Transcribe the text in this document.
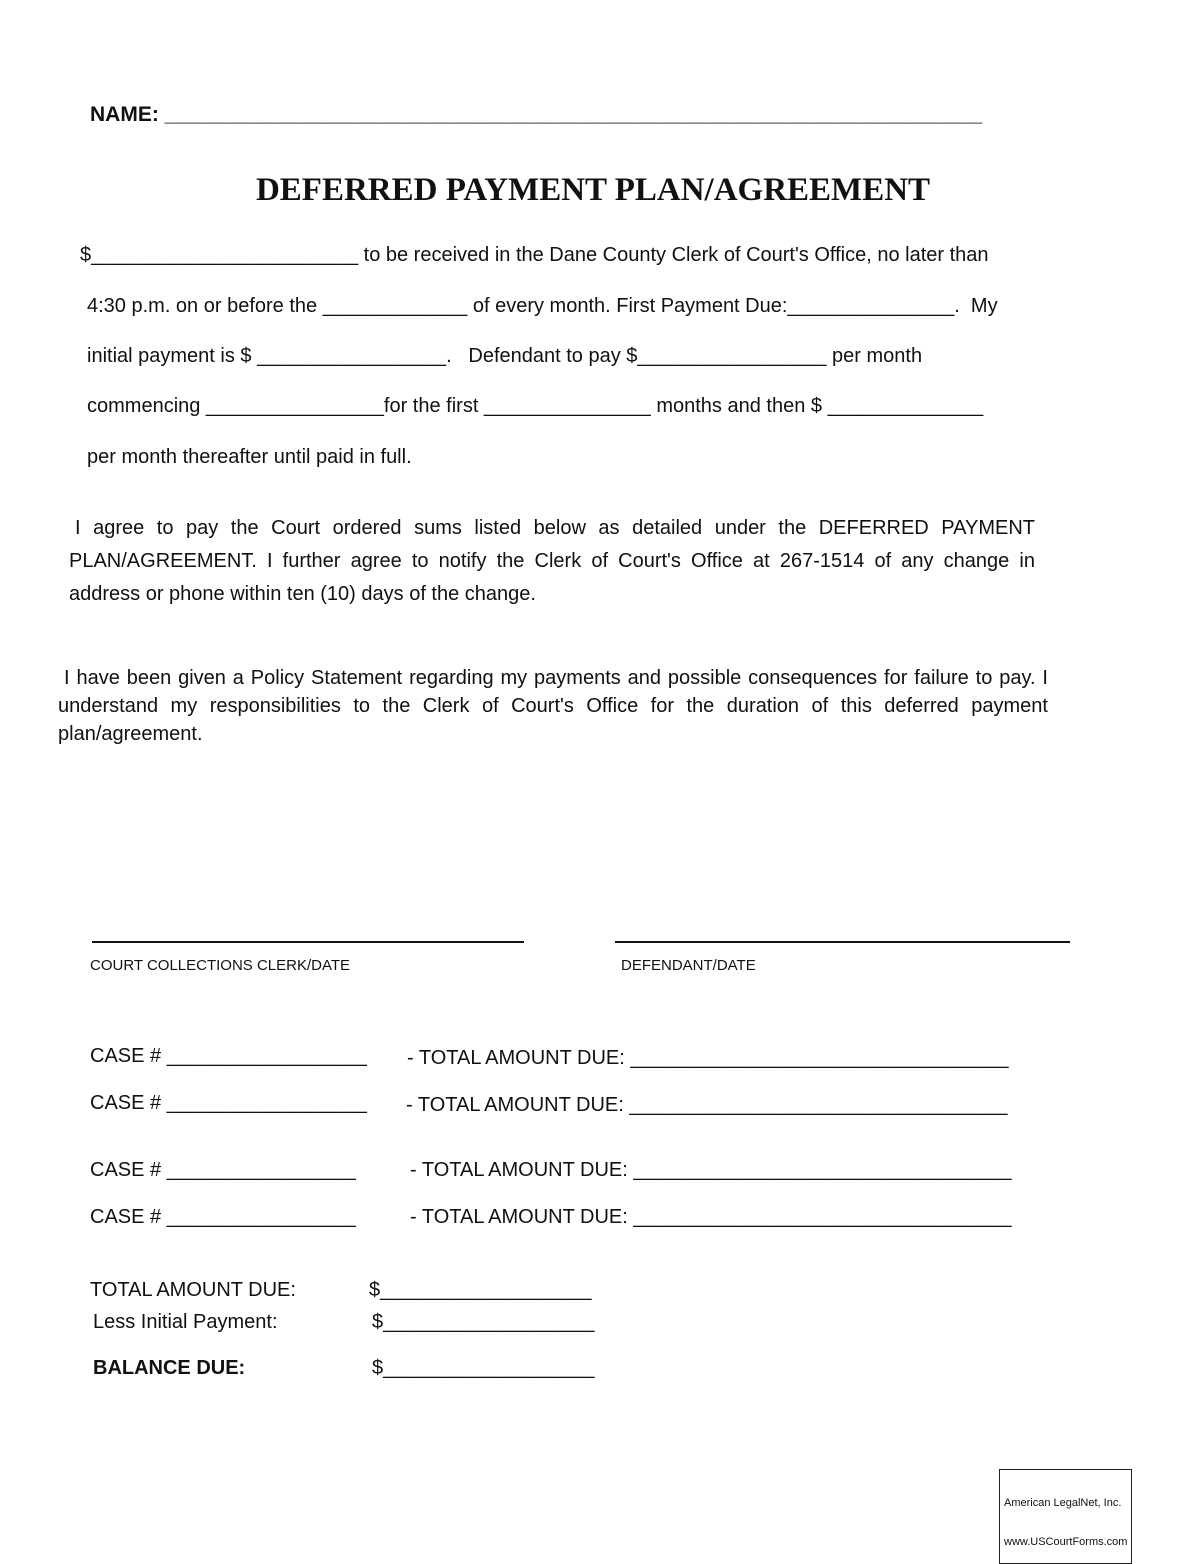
NAME: ______________________________________________________________________
DEFERRED PAYMENT PLAN/AGREEMENT
$________________________ to be received in the Dane County Clerk of Court's Office, no later than
4:30 p.m. on or before the _____________ of every month. First Payment Due:_______________.  My
initial payment is $ _________________.   Defendant to pay $_________________ per month
commencing ________________for the first _______________ months and then $ ______________
per month thereafter until paid in full.
I agree to pay the Court ordered sums listed below as detailed under the DEFERRED PAYMENT PLAN/AGREEMENT. I further agree to notify the Clerk of Court's Office at 267-1514 of any change in address or phone within ten (10) days of the change.
I have been given a Policy Statement regarding my payments and possible consequences for failure to pay. I understand my responsibilities to the Clerk of Court's Office for the duration of this deferred payment plan/agreement.
COURT COLLECTIONS CLERK/DATE	DEFENDANT/DATE
CASE # __________________ - TOTAL AMOUNT DUE: __________________________________
CASE # __________________ - TOTAL AMOUNT DUE: __________________________________
CASE # _________________	- TOTAL AMOUNT DUE: __________________________________
CASE # _________________	- TOTAL AMOUNT DUE: __________________________________
TOTAL AMOUNT DUE:	$___________________
Less Initial Payment:	$___________________
BALANCE DUE:	$___________________

American LegalNet, Inc.

www.USCourtForms.com
